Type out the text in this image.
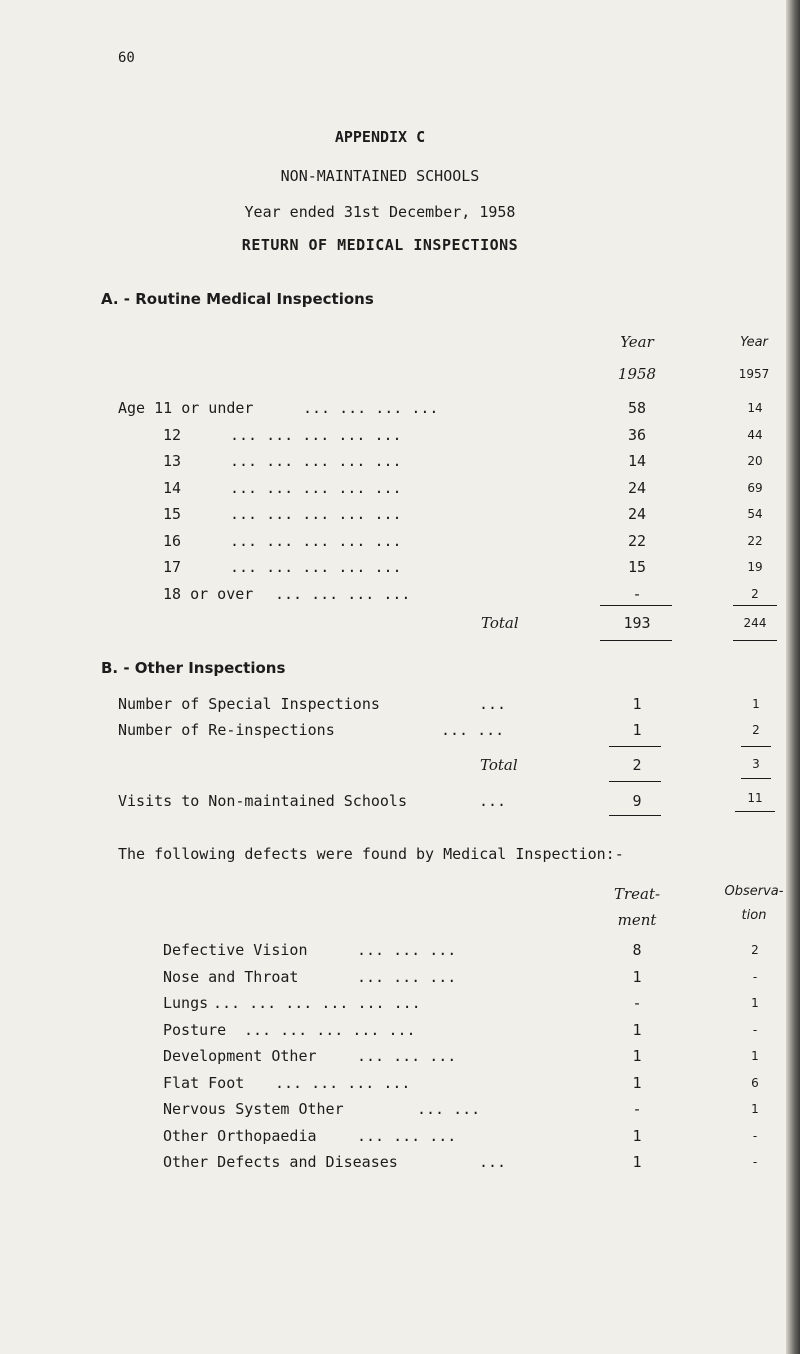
60
APPENDIX C
NON-MAINTAINED SCHOOLS
Year ended 31st December, 1958
RETURN OF MEDICAL INSPECTIONS
A. - Routine Medical Inspections
Year
1958
Year
1957
Age 11 or under	... ... ... ...	58	14
12	... ... ... ... ...	36	44
13	... ... ... ... ...	14	20
14	... ... ... ... ...	24	69
15	... ... ... ... ...	24	54
16	... ... ... ... ...	22	22
17	... ... ... ... ...	15	19
18 or over ... ... ... ...	-	2
Total	193	244
B. - Other Inspections
Number of Special Inspections	...	1	1
Number of Re-inspections	... ...	1	2
Total	2	3
Visits to Non-maintained Schools	...	9	11
The following defects were found by Medical Inspection:-
Treat-
ment
Observa-
tion
Defective Vision	... ... ...	8	2
Nose and Throat	... ... ...	1	-
Lungs ... ... ... ... ... ...	-	1
Posture ... ... ... ... ...	1	-
Development Other	... ... ...	1	1
Flat Foot ... ... ... ...	1	6
Nervous System Other	... ...	-	1
Other Orthopaedia	... ... ...	1	-
Other Defects and Diseases	...	1	-
